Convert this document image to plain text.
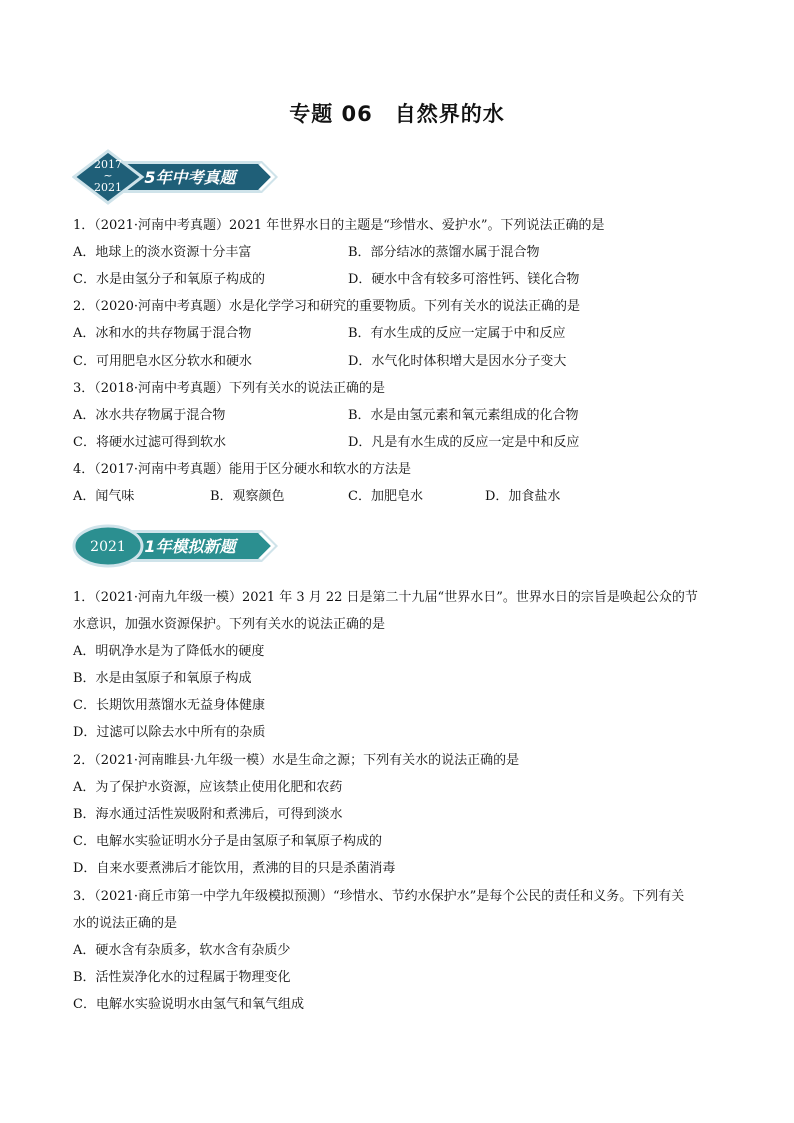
专题 06　自然界的水
2017
~
2021
5年中考真题
1．（2021·河南中考真题）2021 年世界水日的主题是“珍惜水、爱护水”。下列说法正确的是
A．地球上的淡水资源十分丰富	B．部分结冰的蒸馏水属于混合物
C．水是由氢分子和氧原子构成的	D．硬水中含有较多可溶性钙、镁化合物
2．（2020·河南中考真题）水是化学学习和研究的重要物质。下列有关水的说法正确的是
A．冰和水的共存物属于混合物	B．有水生成的反应一定属于中和反应
C．可用肥皂水区分软水和硬水	D．水气化时体积增大是因水分子变大
3．（2018·河南中考真题）下列有关水的说法正确的是
A．冰水共存物属于混合物	B．水是由氢元素和氧元素组成的化合物
C．将硬水过滤可得到软水	D．凡是有水生成的反应一定是中和反应
4．（2017·河南中考真题）能用于区分硬水和软水的方法是
A．闻气味	B．观察颜色	C．加肥皂水	D．加食盐水
2021 1年模拟新题
1．（2021·河南九年级一模）2021 年 3 月 22 日是第二十九届“世界水日”。世界水日的宗旨是唤起公众的节
水意识，加强水资源保护。下列有关水的说法正确的是
A．明矾净水是为了降低水的硬度
B．水是由氢原子和氧原子构成
C．长期饮用蒸馏水无益身体健康
D．过滤可以除去水中所有的杂质
2．（2021·河南睢县·九年级一模）水是生命之源；下列有关水的说法正确的是
A．为了保护水资源，应该禁止使用化肥和农药
B．海水通过活性炭吸附和煮沸后，可得到淡水
C．电解水实验证明水分子是由氢原子和氧原子构成的
D．自来水要煮沸后才能饮用，煮沸的目的只是杀菌消毒
3．（2021·商丘市第一中学九年级模拟预测）“珍惜水、节约水保护水”是每个公民的责任和义务。下列有关
水的说法正确的是
A．硬水含有杂质多，软水含有杂质少
B．活性炭净化水的过程属于物理变化
C．电解水实验说明水由氢气和氧气组成
